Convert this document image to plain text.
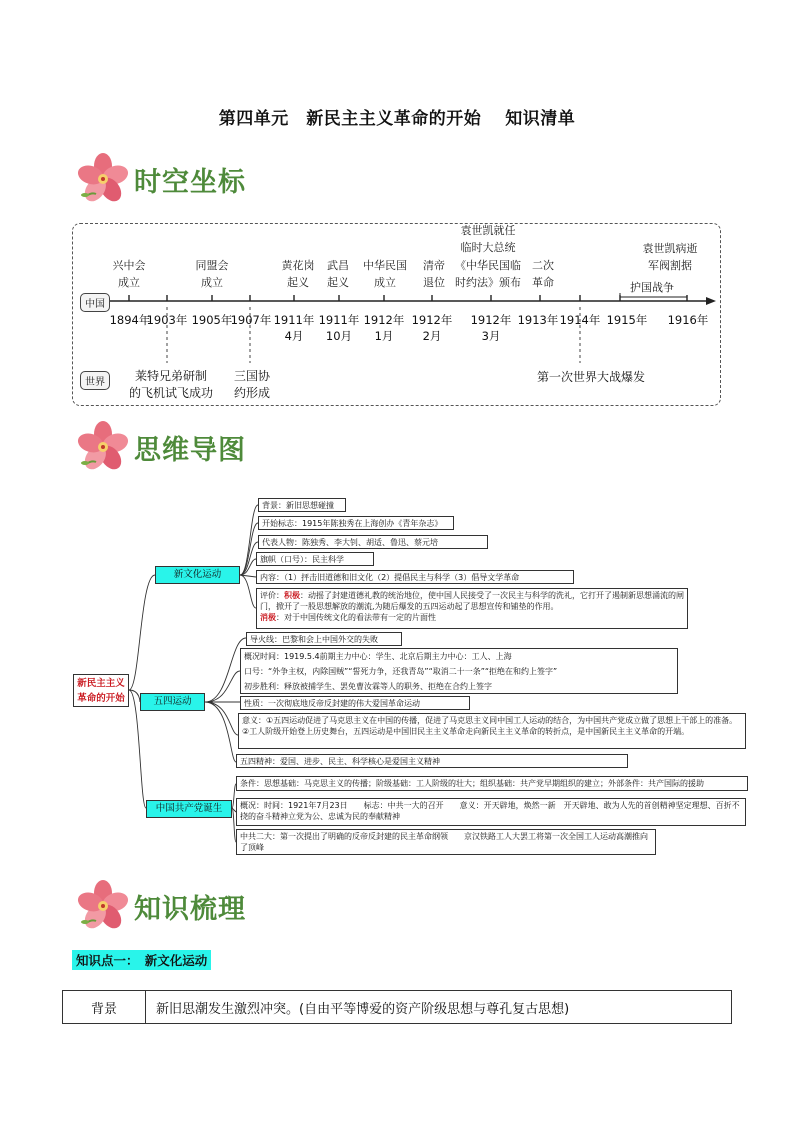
第四单元　新民主主义革命的开始　 知识清单
时空坐标
中国
世界
兴中会
成立
同盟会
成立
黄花岗
起义
武昌
起义
中华民国
成立
清帝
退位
袁世凯就任
临时大总统
《中华民国临
时约法》颁布
二次
革命
袁世凯病逝
军阀割据
护国战争
1894年
1903年 1905年
1907年 1911年
4月
1911年
10月
1912年
1月
1912年
2月
1912年
3月
1913年 1914年 1915年 1916年
莱特兄弟研制
的飞机试飞成功
三国协
约形成
第一次世界大战爆发
思维导图
新民主主义
革命的开始
新文化运动
五四运动
中国共产党诞生
背景：新旧思想碰撞
开始标志：1915年陈独秀在上海创办《青年杂志》
代表人物：陈独秀、李大钊、胡适、鲁迅、蔡元培
旗帜（口号）：民主科学
内容：（1）抨击旧道德和旧文化（2）提倡民主与科学（3）倡导文学革命
评价：积极：动摇了封建道德礼教的统治地位，使中国人民接受了一次民主与科学的洗礼，它打开了遏制新思想涌流的闸门，掀开了一股思想解放的潮流,为随后爆发的五四运动起了思想宣传和铺垫的作用。
消极：对于中国传统文化的看法带有一定的片面性
导火线：巴黎和会上中国外交的失败
概况时间：1919.5.4前期主力中心：学生、北京后期主力中心：工人、上海
口号：“外争主权，内除国贼”“誓死力争，还我青岛”“取消二十一条”“拒绝在和约上签字”
初步胜利：释放被捕学生、罢免曹汝霖等人的职务、拒绝在合约上签字
性质：一次彻底地反帝反封建的伟大爱国革命运动
意义：①五四运动促进了马克思主义在中国的传播，促进了马克思主义同中国工人运动的结合，为中国共产党成立做了思想上干部上的准备。②工人阶级开始登上历史舞台，五四运动是中国旧民主主义革命走向新民主主义革命的转折点，是中国新民主主义革命的开端。
五四精神：爱国、进步、民主、科学核心是爱国主义精神
条件：思想基础：马克思主义的传播；阶级基础：工人阶级的壮大；组织基础：共产党早期组织的建立；外部条件：共产国际的援助
概况：时间：1921年7月23日　　标志：中共一大的召开　　意义：开天辟地，焕然一新　开天辟地、敢为人先的首创精神坚定理想、百折不挠的奋斗精神立党为公、忠诚为民的奉献精神
中共二大：第一次提出了明确的反帝反封建的民主革命纲领　　京汉铁路工人大罢工将第一次全国工人运动高潮推向了顶峰
知识梳理
知识点一：　新文化运动
背景	新旧思潮发生激烈冲突。(自由平等博爱的资产阶级思想与尊孔复古思想)
